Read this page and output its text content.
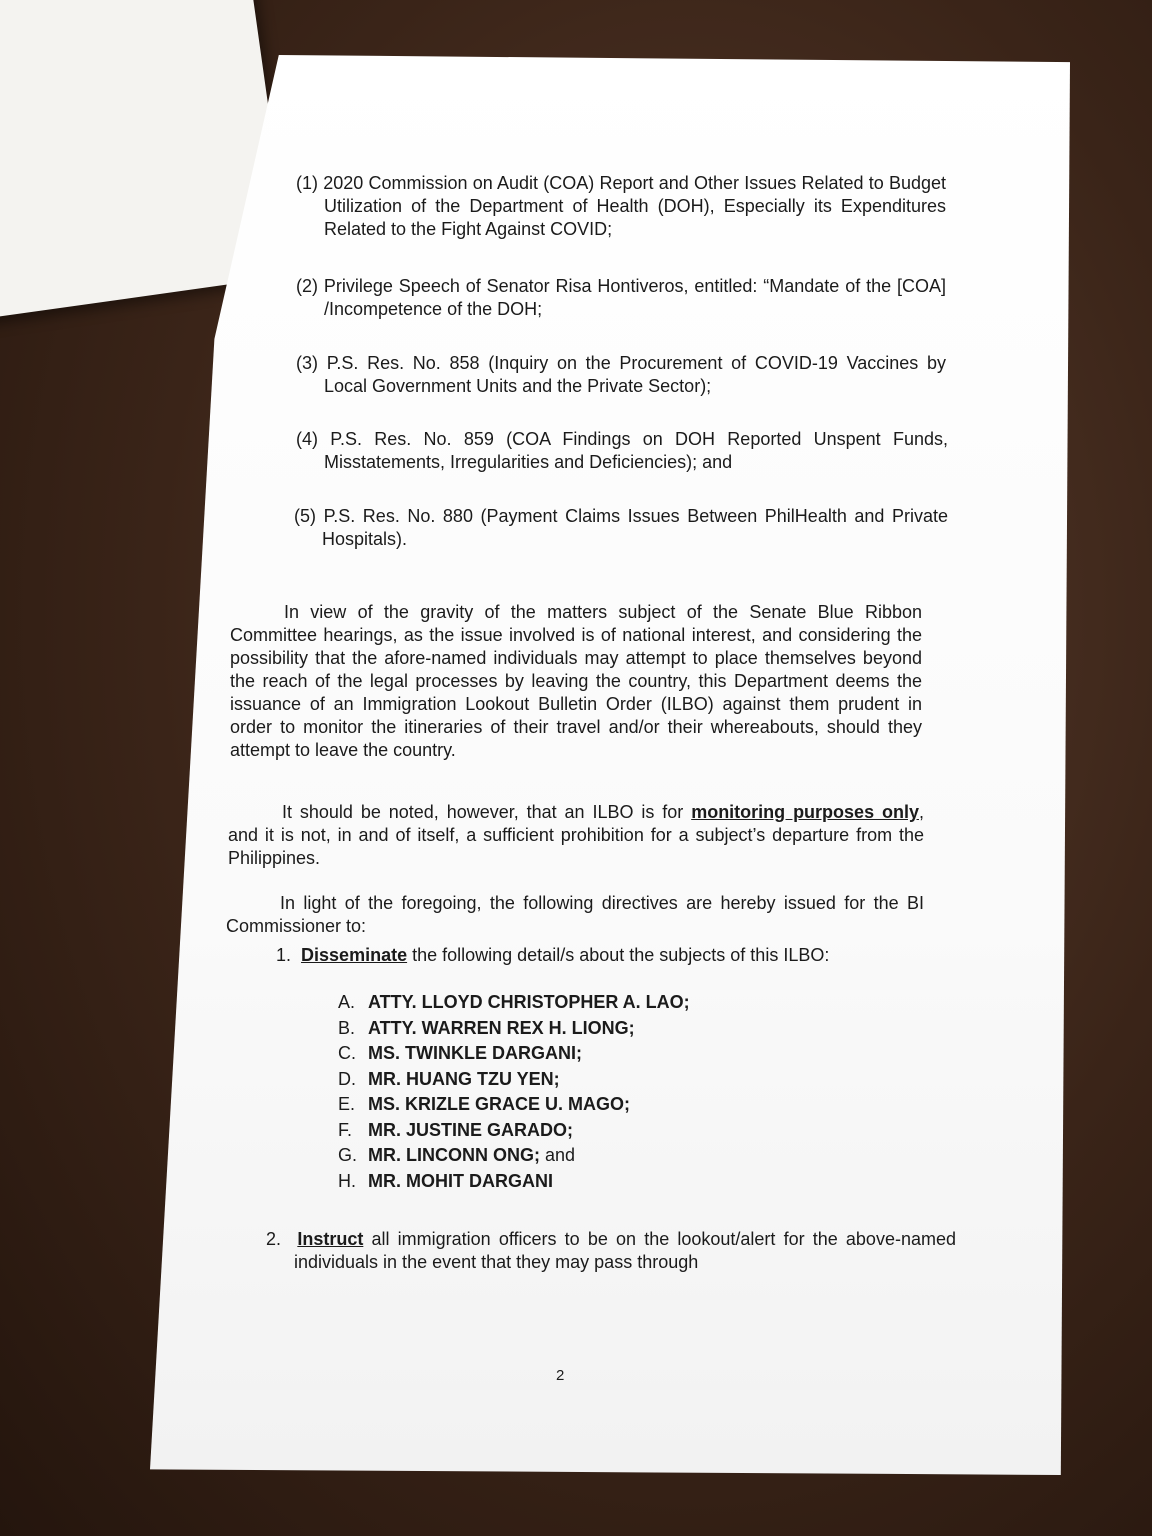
(1) 2020 Commission on Audit (COA) Report and Other Issues Related to Budget Utilization of the Department of Health (DOH), Especially its Expenditures Related to the Fight Against COVID;
(2) Privilege Speech of Senator Risa Hontiveros, entitled: “Mandate of the [COA] /Incompetence of the DOH;
(3) P.S. Res. No. 858 (Inquiry on the Procurement of COVID-19 Vaccines by Local Government Units and the Private Sector);
(4) P.S. Res. No. 859 (COA Findings on DOH Reported Unspent Funds, Misstatements, Irregularities and Deficiencies); and
(5) P.S. Res. No. 880 (Payment Claims Issues Between PhilHealth and Private Hospitals).

In view of the gravity of the matters subject of the Senate Blue Ribbon Committee hearings, as the issue involved is of national interest, and considering the possibility that the afore-named individuals may attempt to place themselves beyond the reach of the legal processes by leaving the country, this Department deems the issuance of an Immigration Lookout Bulletin Order (ILBO) against them prudent in order to monitor the itineraries of their travel and/or their whereabouts, should they attempt to leave the country.

It should be noted, however, that an ILBO is for monitoring purposes only, and it is not, in and of itself, a sufficient prohibition for a subject’s departure from the Philippines.

In light of the foregoing, the following directives are hereby issued for the BI Commissioner to:

1. Disseminate the following detail/s about the subjects of this ILBO:
A. ATTY. LLOYD CHRISTOPHER A. LAO;
B. ATTY. WARREN REX H. LIONG;
C. MS. TWINKLE DARGANI;
D. MR. HUANG TZU YEN;
E. MS. KRIZLE GRACE U. MAGO;
F. MR. JUSTINE GARADO;
G. MR. LINCONN ONG; and
H. MR. MOHIT DARGANI
2. Instruct all immigration officers to be on the lookout/alert for the above-named individuals in the event that they may pass through
2
